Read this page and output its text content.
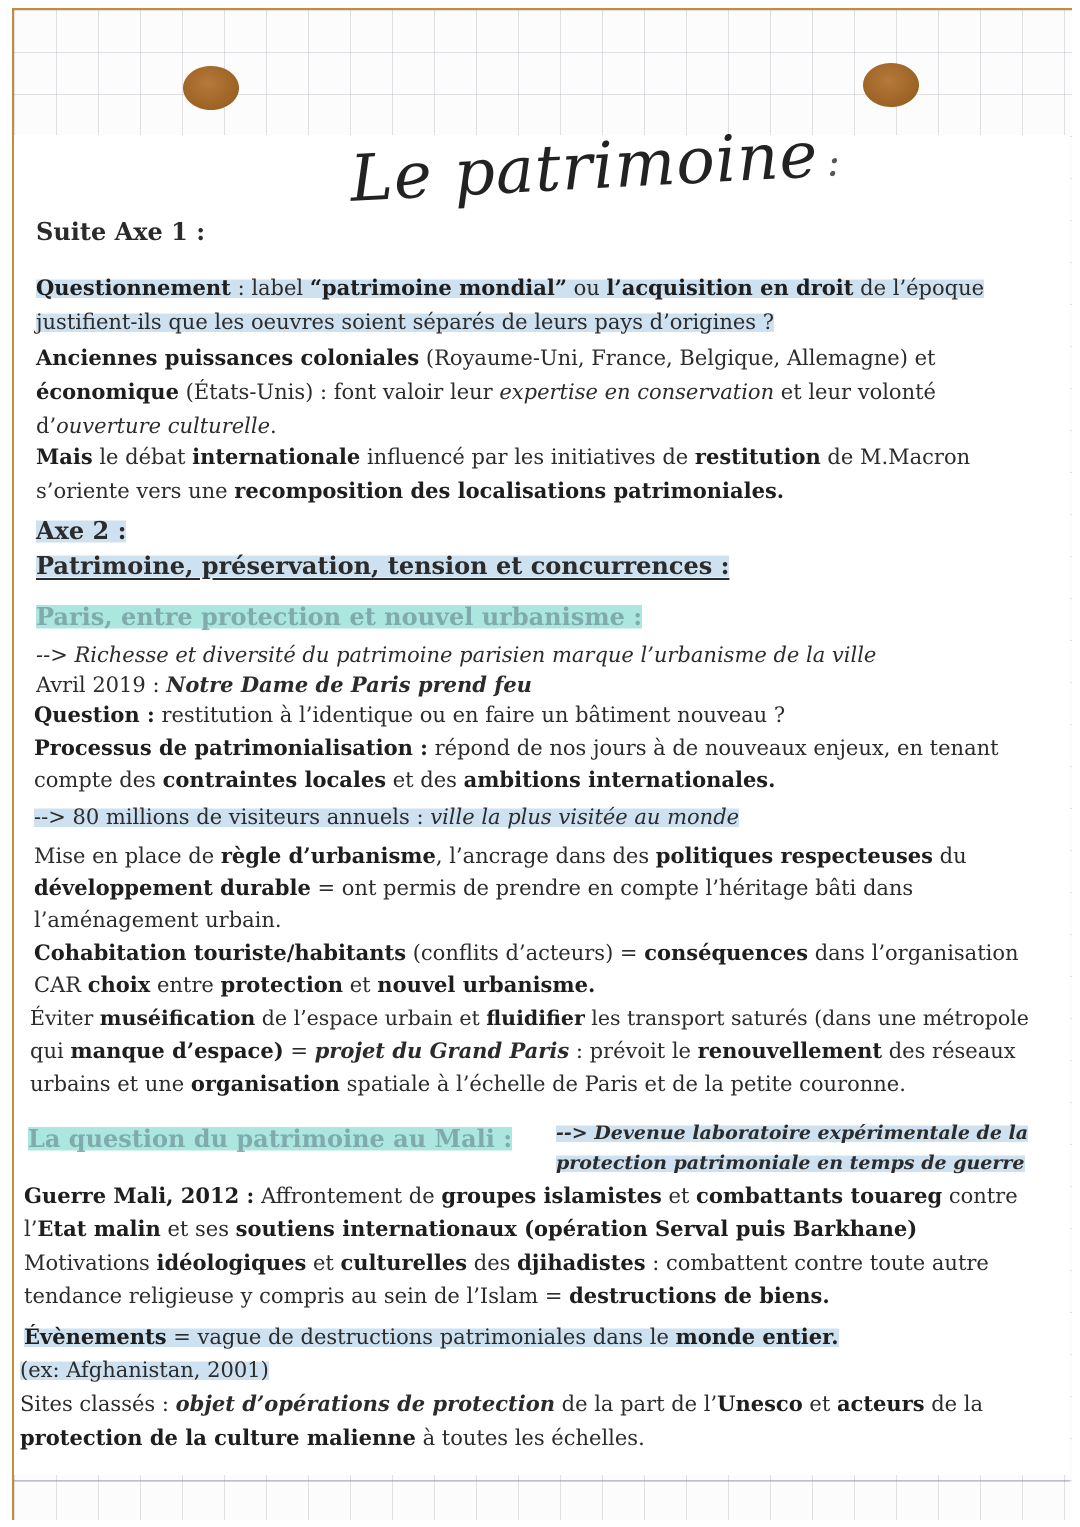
Le patrimoine :
Suite Axe 1 :
Questionnement : label “patrimoine mondial” ou l’acquisition en droit de l’époque
justifient-ils que les oeuvres soient séparés de leurs pays d’origines ?
Anciennes puissances coloniales (Royaume-Uni, France, Belgique, Allemagne) et
économique (États-Unis) : font valoir leur expertise en conservation et leur volonté
d’ouverture culturelle.
Mais le débat internationale influencé par les initiatives de restitution de M.Macron
s’oriente vers une recomposition des localisations patrimoniales.
Axe 2 :
Patrimoine, préservation, tension et concurrences :
Paris, entre protection et nouvel urbanisme :
--> Richesse et diversité du patrimoine parisien marque l’urbanisme de la ville
Avril 2019 : Notre Dame de Paris prend feu
Question : restitution à l’identique ou en faire un bâtiment nouveau ?
Processus de patrimonialisation : répond de nos jours à de nouveaux enjeux, en tenant
compte des contraintes locales et des ambitions internationales.
--> 80 millions de visiteurs annuels : ville la plus visitée au monde
Mise en place de règle d’urbanisme, l’ancrage dans des politiques respecteuses du
développement durable = ont permis de prendre en compte l’héritage bâti dans
l’aménagement urbain.
Cohabitation touriste/habitants (conflits d’acteurs) = conséquences dans l’organisation
CAR choix entre protection et nouvel urbanisme.
Éviter muséification de l’espace urbain et fluidifier les transport saturés (dans une métropole
qui manque d’espace) = projet du Grand Paris : prévoit le renouvellement des réseaux
urbains et une organisation spatiale à l’échelle de Paris et de la petite couronne.
La question du patrimoine au Mali : --> Devenue laboratoire expérimentale de la
protection patrimoniale en temps de guerre
Guerre Mali, 2012 : Affrontement de groupes islamistes et combattants touareg contre
l’Etat malin et ses soutiens internationaux (opération Serval puis Barkhane)
Motivations idéologiques et culturelles des djihadistes : combattent contre toute autre
tendance religieuse y compris au sein de l’Islam = destructions de biens.
Évènements = vague de destructions patrimoniales dans le monde entier.
(ex: Afghanistan, 2001)
Sites classés : objet d’opérations de protection de la part de l’Unesco et acteurs de la
protection de la culture malienne à toutes les échelles.
